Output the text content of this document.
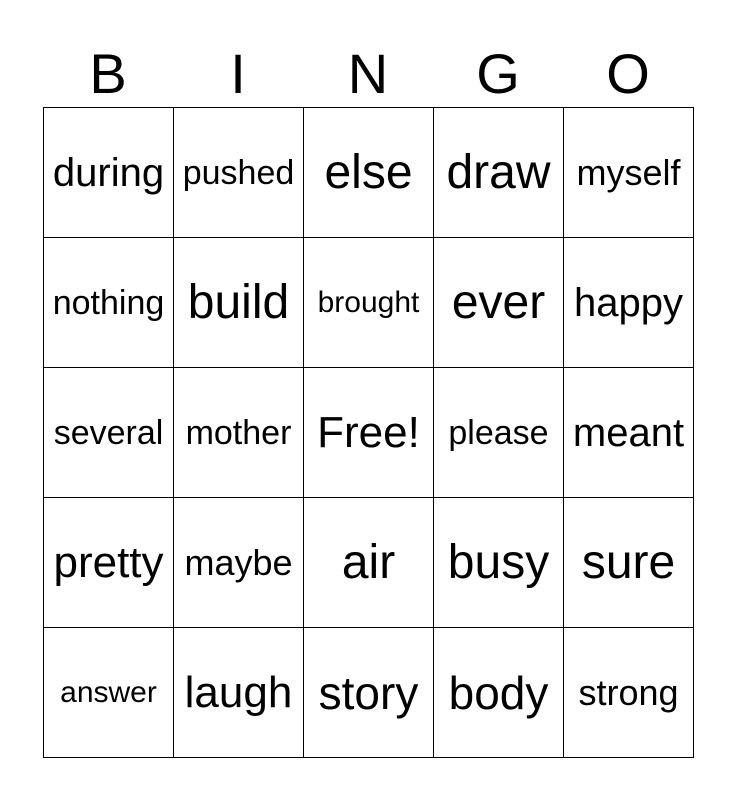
B	I	N	G	O
during pushed else draw myself
nothing build brought ever happy
several mother Free! please meant
pretty maybe	air	busy sure
answer laugh story body strong
